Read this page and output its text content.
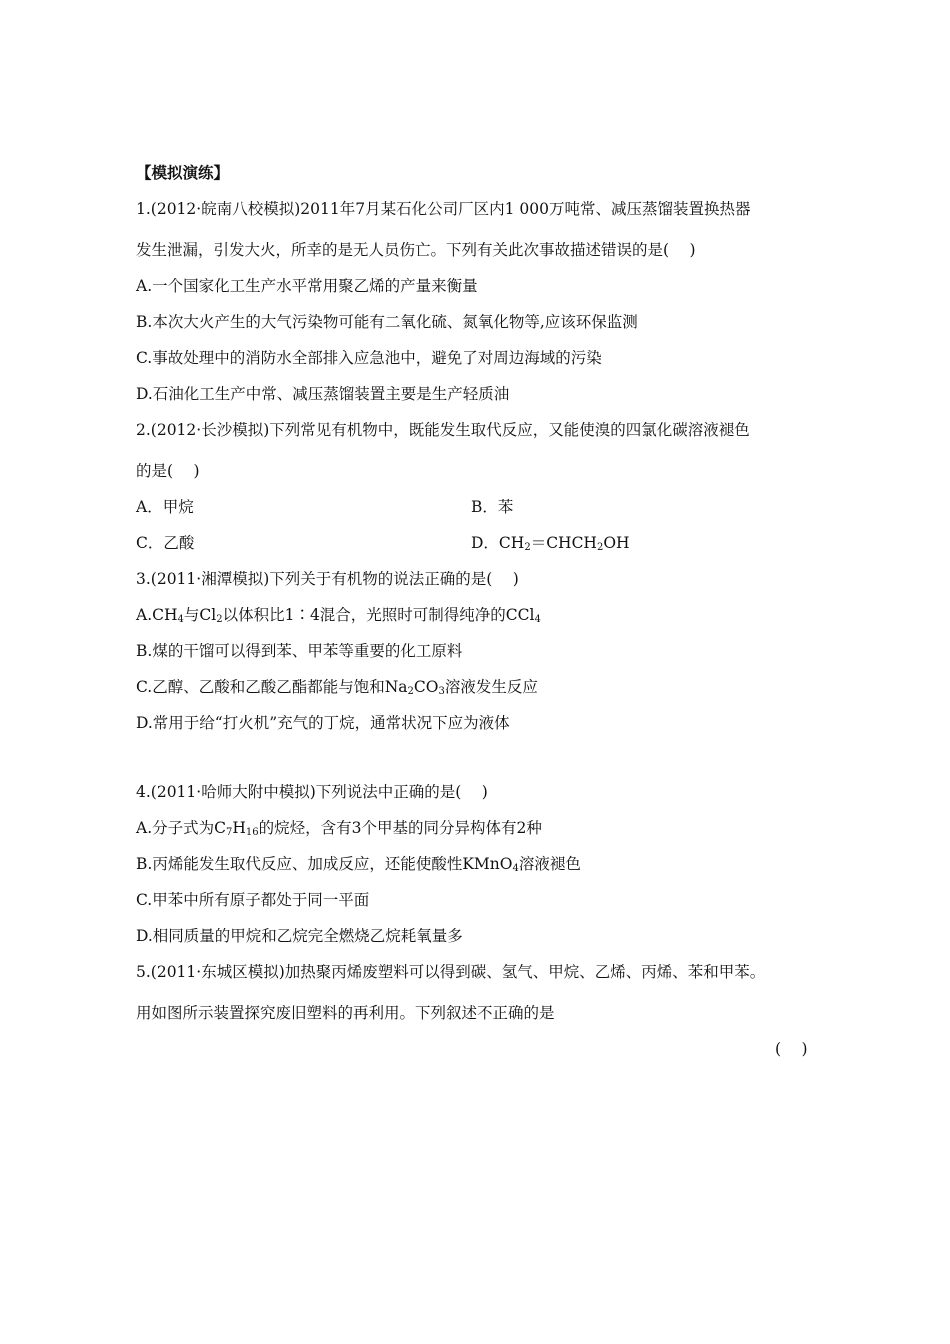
【模拟演练】
1.(2012·皖南八校模拟)2011年7月某石化公司厂区内1 000万吨常、减压蒸馏装置换热器
发生泄漏，引发大火，所幸的是无人员伤亡。下列有关此次事故描述错误的是(　 )
A.一个国家化工生产水平常用聚乙烯的产量来衡量
B.本次大火产生的大气污染物可能有二氧化硫、氮氧化物等,应该环保监测
C.事故处理中的消防水全部排入应急池中，避免了对周边海域的污染
D.石油化工生产中常、减压蒸馏装置主要是生产轻质油
2.(2012·长沙模拟)下列常见有机物中，既能发生取代反应，又能使溴的四氯化碳溶液褪色
的是(　 )
A．甲烷	B．苯
C．乙酸	D．$CH_2=CHCH_2OH$
3.(2011·湘潭模拟)下列关于有机物的说法正确的是(　 )
$A.CH_4$与$Cl_2$以体积比1∶4混合，光照时可制得纯净的CCl$_4$
B.煤的干馏可以得到苯、甲苯等重要的化工原料
C.乙醇、乙酸和乙酸乙酯都能与饱和$Na_2CO_3$溶液发生反应
D.常用于给“打火机”充气的丁烷，通常状况下应为液体
4.(2011·哈师大附中模拟)下列说法中正确的是(　 )
A.分子式为$C_7H_{16}$的烷烃，含有3个甲基的同分异构体有2种
B.丙烯能发生取代反应、加成反应，还能使酸性KMnO$_4$溶液褪色
C.甲苯中所有原子都处于同一平面
D.相同质量的甲烷和乙烷完全燃烧乙烷耗氧量多
5.(2011·东城区模拟)加热聚丙烯废塑料可以得到碳、氢气、甲烷、乙烯、丙烯、苯和甲苯。
用如图所示装置探究废旧塑料的再利用。下列叙述不正确的是
(　 )
